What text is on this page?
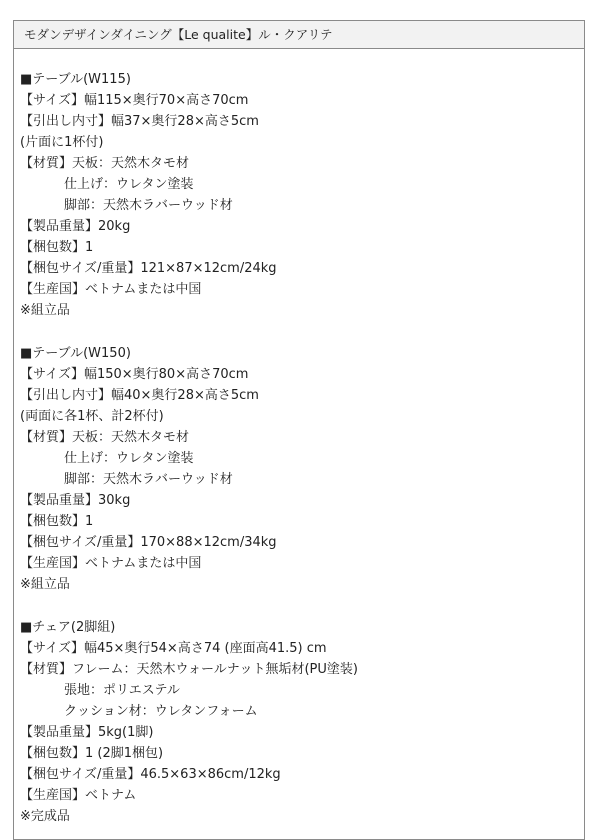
モダンデザインダイニング【Le qualite】ル・クアリテ
■テーブル(W115)
【サイズ】幅115×奥行70×高さ70cm
【引出し内寸】幅37×奥行28×高さ5cm
(片面に1杯付)
【材質】天板：天然木タモ材
仕上げ：ウレタン塗装
脚部：天然木ラバーウッド材
【製品重量】20kg
【梱包数】1
【梱包サイズ/重量】121×87×12cm/24kg
【生産国】ベトナムまたは中国
※組立品
■テーブル(W150)
【サイズ】幅150×奥行80×高さ70cm
【引出し内寸】幅40×奥行28×高さ5cm
(両面に各1杯、計2杯付)
【材質】天板：天然木タモ材
仕上げ：ウレタン塗装
脚部：天然木ラバーウッド材
【製品重量】30kg
【梱包数】1
【梱包サイズ/重量】170×88×12cm/34kg
【生産国】ベトナムまたは中国
※組立品
■チェア(2脚組)
【サイズ】幅45×奥行54×高さ74 (座面高41.5) cm
【材質】フレーム：天然木ウォールナット無垢材(PU塗装)
張地：ポリエステル
クッション材：ウレタンフォーム
【製品重量】5kg(1脚)
【梱包数】1 (2脚1梱包)
【梱包サイズ/重量】46.5×63×86cm/12kg
【生産国】ベトナム
※完成品
